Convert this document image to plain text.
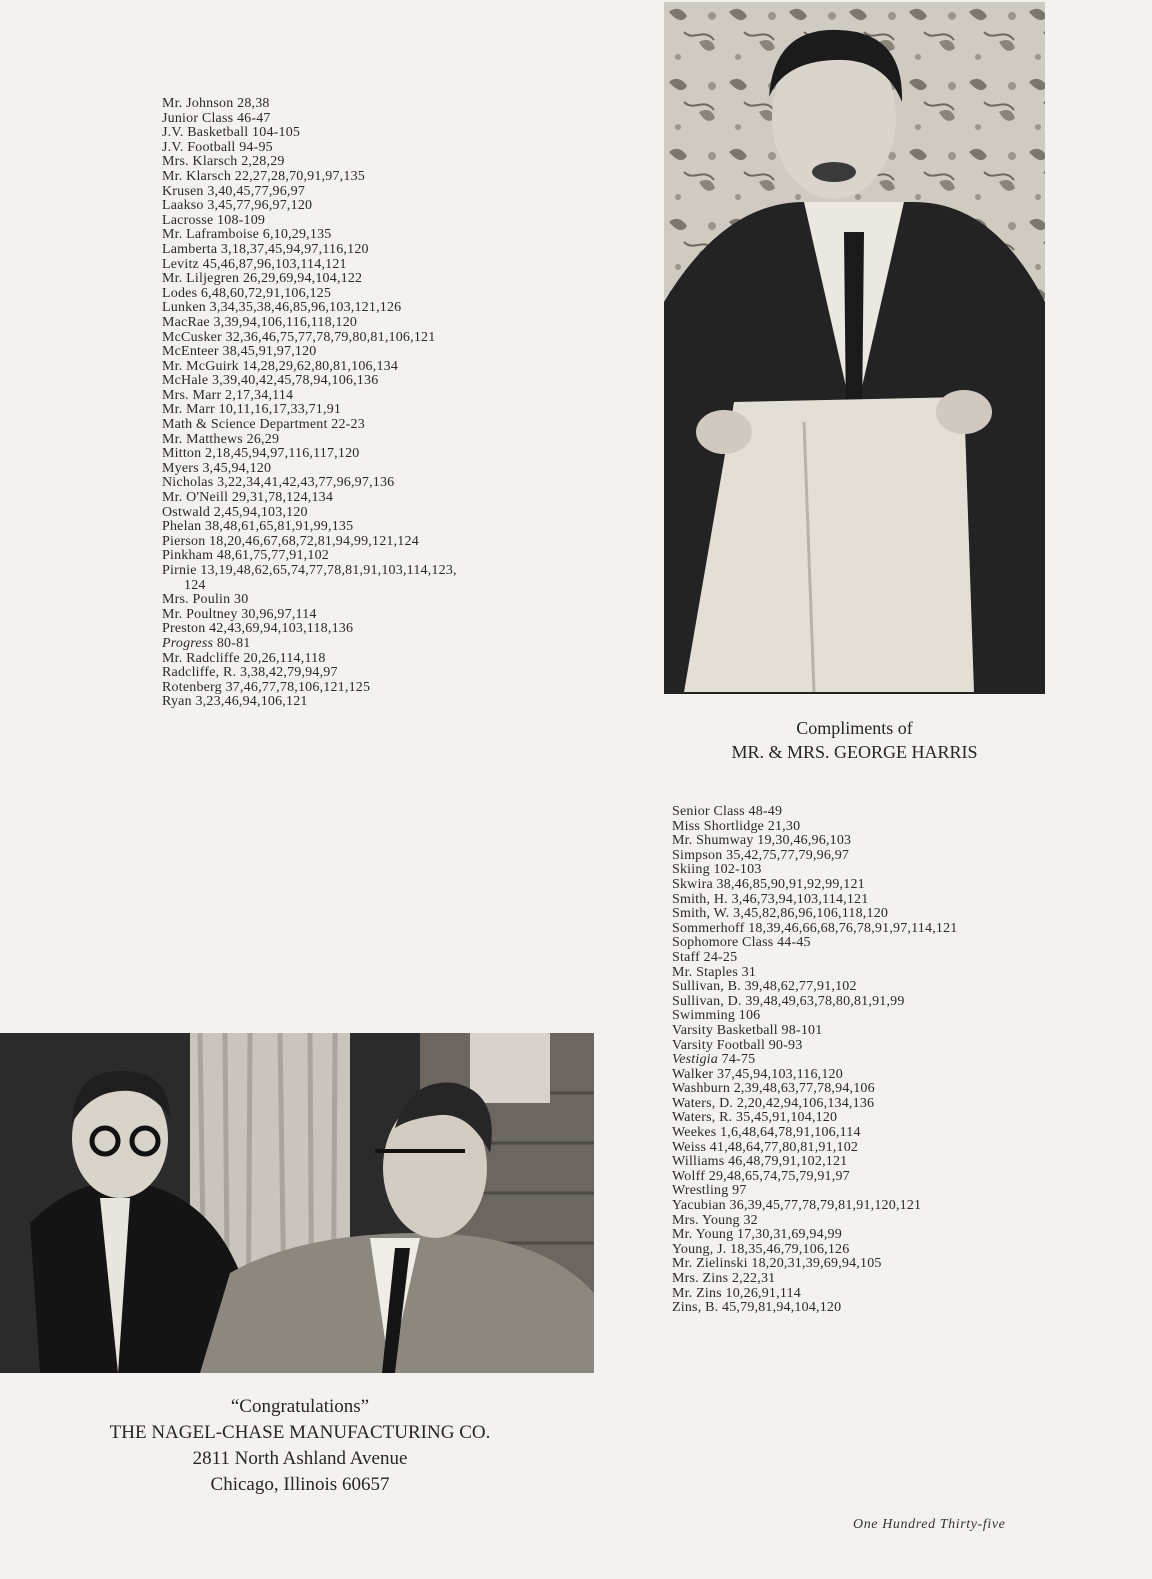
Mr. Johnson 28,38
Junior Class 46-47
J.V. Basketball 104-105
J.V. Football 94-95
Mrs. Klarsch 2,28,29
Mr. Klarsch 22,27,28,70,91,97,135
Krusen 3,40,45,77,96,97
Laakso 3,45,77,96,97,120
Lacrosse 108-109
Mr. Laframboise 6,10,29,135
Lamberta 3,18,37,45,94,97,116,120
Levitz 45,46,87,96,103,114,121
Mr. Liljegren 26,29,69,94,104,122
Lodes 6,48,60,72,91,106,125
Lunken 3,34,35,38,46,85,96,103,121,126
MacRae 3,39,94,106,116,118,120
McCusker 32,36,46,75,77,78,79,80,81,106,121
McEnteer 38,45,91,97,120
Mr. McGuirk 14,28,29,62,80,81,106,134
McHale 3,39,40,42,45,78,94,106,136
Mrs. Marr 2,17,34,114
Mr. Marr 10,11,16,17,33,71,91
Math & Science Department 22-23
Mr. Matthews 26,29
Mitton 2,18,45,94,97,116,117,120
Myers 3,45,94,120
Nicholas 3,22,34,41,42,43,77,96,97,136
Mr. O'Neill 29,31,78,124,134
Ostwald 2,45,94,103,120
Phelan 38,48,61,65,81,91,99,135
Pierson 18,20,46,67,68,72,81,94,99,121,124
Pinkham 48,61,75,77,91,102
Pirnie 13,19,48,62,65,74,77,78,81,91,103,114,123,
124
Mrs. Poulin 30
Mr. Poultney 30,96,97,114
Preston 42,43,69,94,103,118,136
Progress 80-81
Mr. Radcliffe 20,26,114,118
Radcliffe, R. 3,38,42,79,94,97
Rotenberg 37,46,77,78,106,121,125
Ryan 3,23,46,94,106,121
Compliments of
MR. & MRS. GEORGE HARRIS
Senior Class 48-49
Miss Shortlidge 21,30
Mr. Shumway 19,30,46,96,103
Simpson 35,42,75,77,79,96,97
Skiing 102-103
Skwira 38,46,85,90,91,92,99,121
Smith, H. 3,46,73,94,103,114,121
Smith, W. 3,45,82,86,96,106,118,120
Sommerhoff 18,39,46,66,68,76,78,91,97,114,121
Sophomore Class 44-45
Staff 24-25
Mr. Staples 31
Sullivan, B. 39,48,62,77,91,102
Sullivan, D. 39,48,49,63,78,80,81,91,99
Swimming 106
Varsity Basketball 98-101
Varsity Football 90-93
Vestigia 74-75
Walker 37,45,94,103,116,120
Washburn 2,39,48,63,77,78,94,106
Waters, D. 2,20,42,94,106,134,136
Waters, R. 35,45,91,104,120
Weekes 1,6,48,64,78,91,106,114
Weiss 41,48,64,77,80,81,91,102
Williams 46,48,79,91,102,121
Wolff 29,48,65,74,75,79,91,97
Wrestling 97
Yacubian 36,39,45,77,78,79,81,91,120,121
Mrs. Young 32
Mr. Young 17,30,31,69,94,99
Young, J. 18,35,46,79,106,126
Mr. Zielinski 18,20,31,39,69,94,105
Mrs. Zins 2,22,31
Mr. Zins 10,26,91,114
Zins, B. 45,79,81,94,104,120
“Congratulations”
THE NAGEL-CHASE MANUFACTURING CO.
2811 North Ashland Avenue
Chicago, Illinois 60657
One Hundred Thirty-five
